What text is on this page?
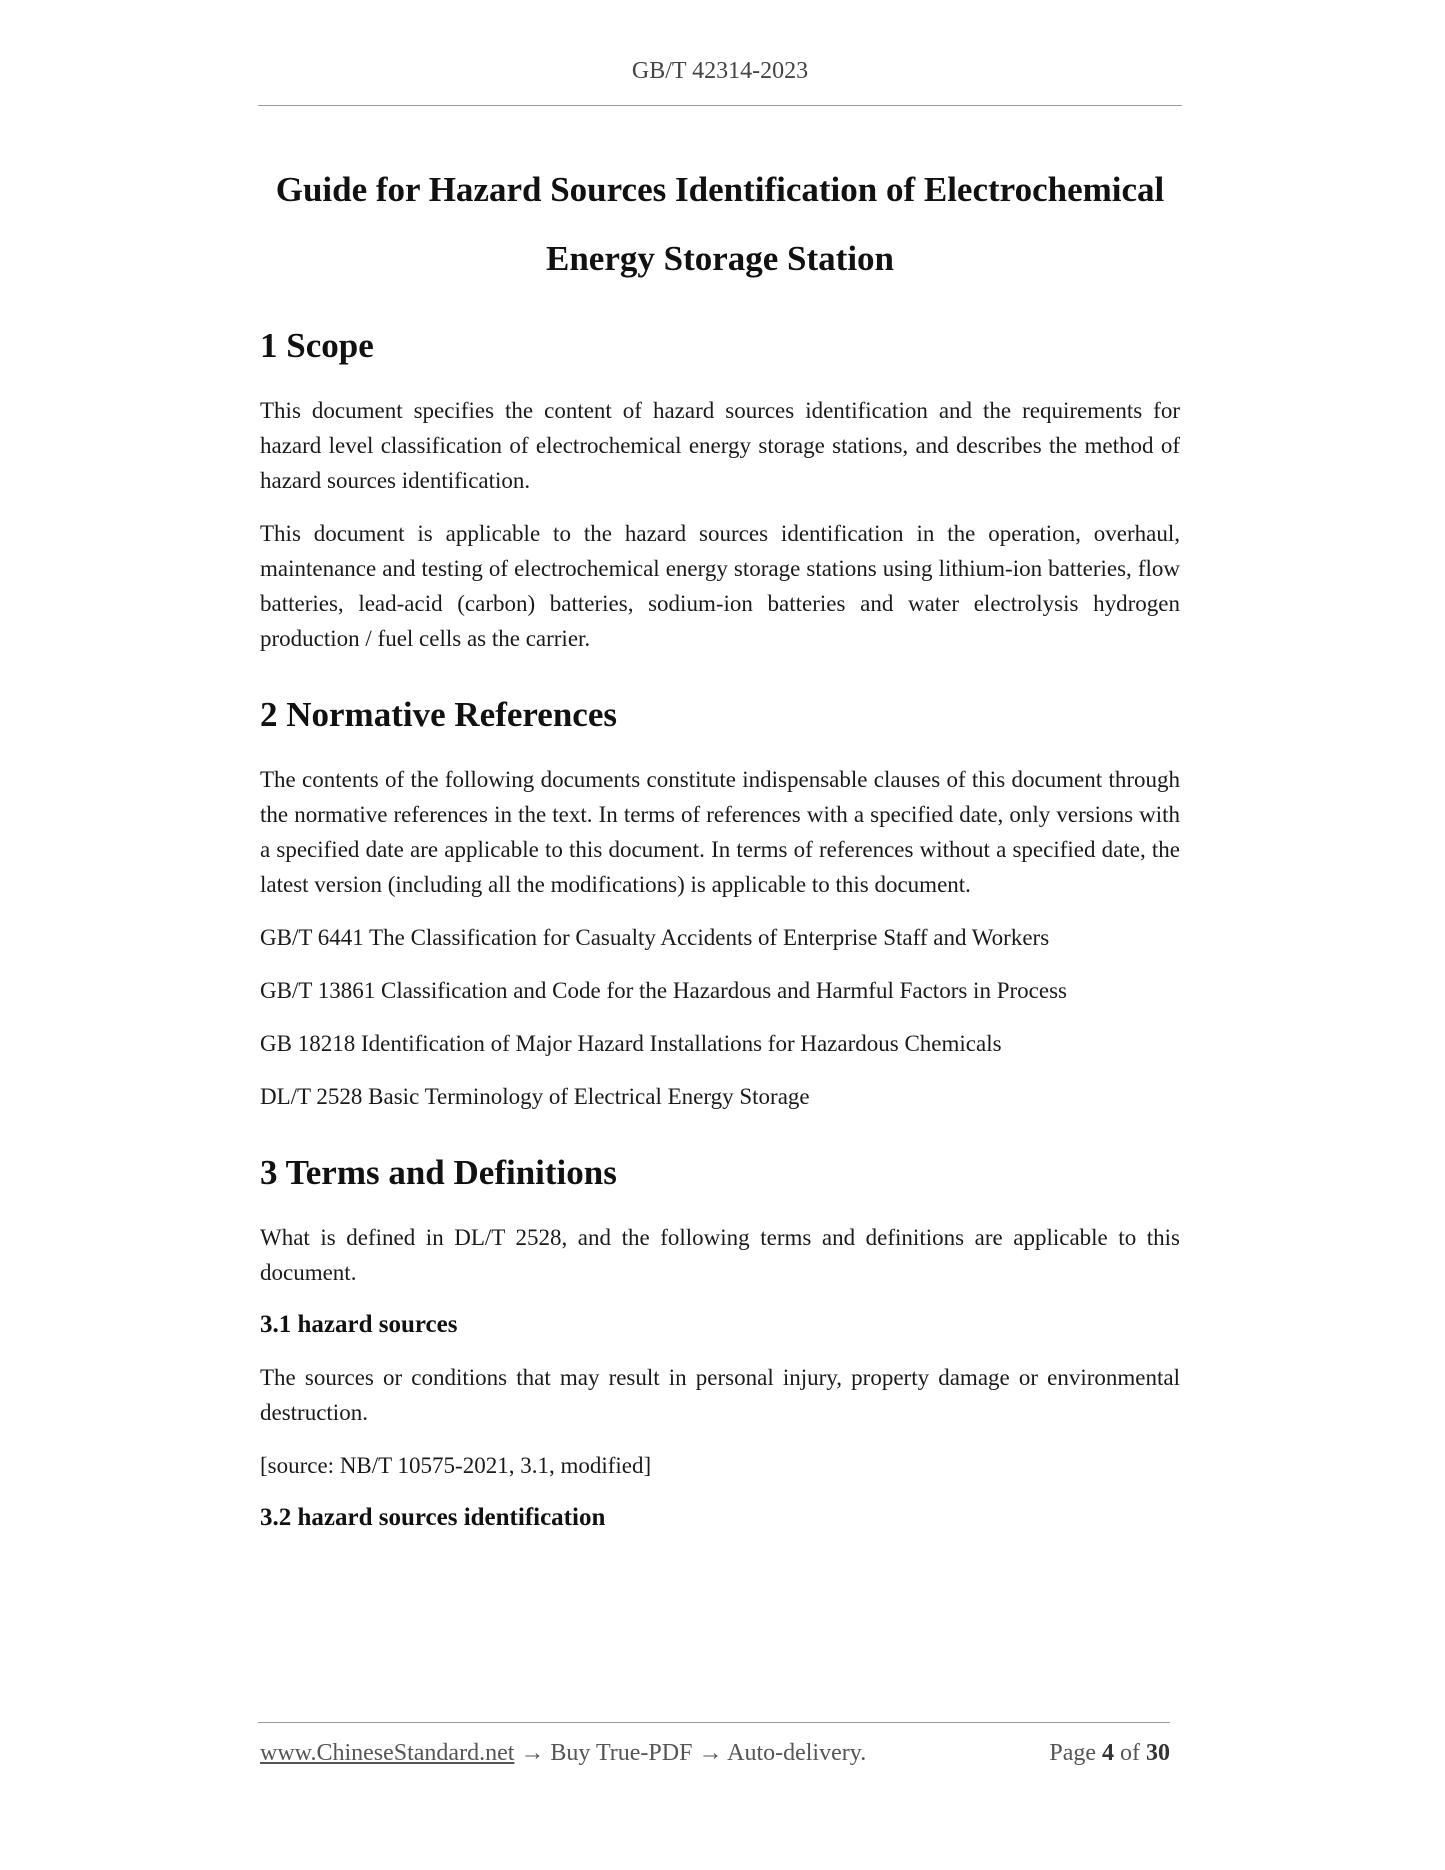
GB/T 42314-2023
Guide for Hazard Sources Identification of Electrochemical
Energy Storage Station
1 Scope

This document specifies the content of hazard sources identification and the requirements for hazard level classification of electrochemical energy storage stations, and describes the method of hazard sources identification.

This document is applicable to the hazard sources identification in the operation, overhaul, maintenance and testing of electrochemical energy storage stations using lithium-ion batteries, flow batteries, lead-acid (carbon) batteries, sodium-ion batteries and water electrolysis hydrogen production / fuel cells as the carrier.

2 Normative References

The contents of the following documents constitute indispensable clauses of this document through the normative references in the text. In terms of references with a specified date, only versions with a specified date are applicable to this document. In terms of references without a specified date, the latest version (including all the modifications) is applicable to this document.

GB/T 6441 The Classification for Casualty Accidents of Enterprise Staff and Workers

GB/T 13861 Classification and Code for the Hazardous and Harmful Factors in Process

GB 18218 Identification of Major Hazard Installations for Hazardous Chemicals

DL/T 2528 Basic Terminology of Electrical Energy Storage

3 Terms and Definitions

What is defined in DL/T 2528, and the following terms and definitions are applicable to this document.

3.1 hazard sources

The sources or conditions that may result in personal injury, property damage or environmental destruction.

[source: NB/T 10575-2021, 3.1, modified]

3.2 hazard sources identification
www.ChineseStandard.net → Buy True-PDF → Auto-delivery.	Page 4 of 30
